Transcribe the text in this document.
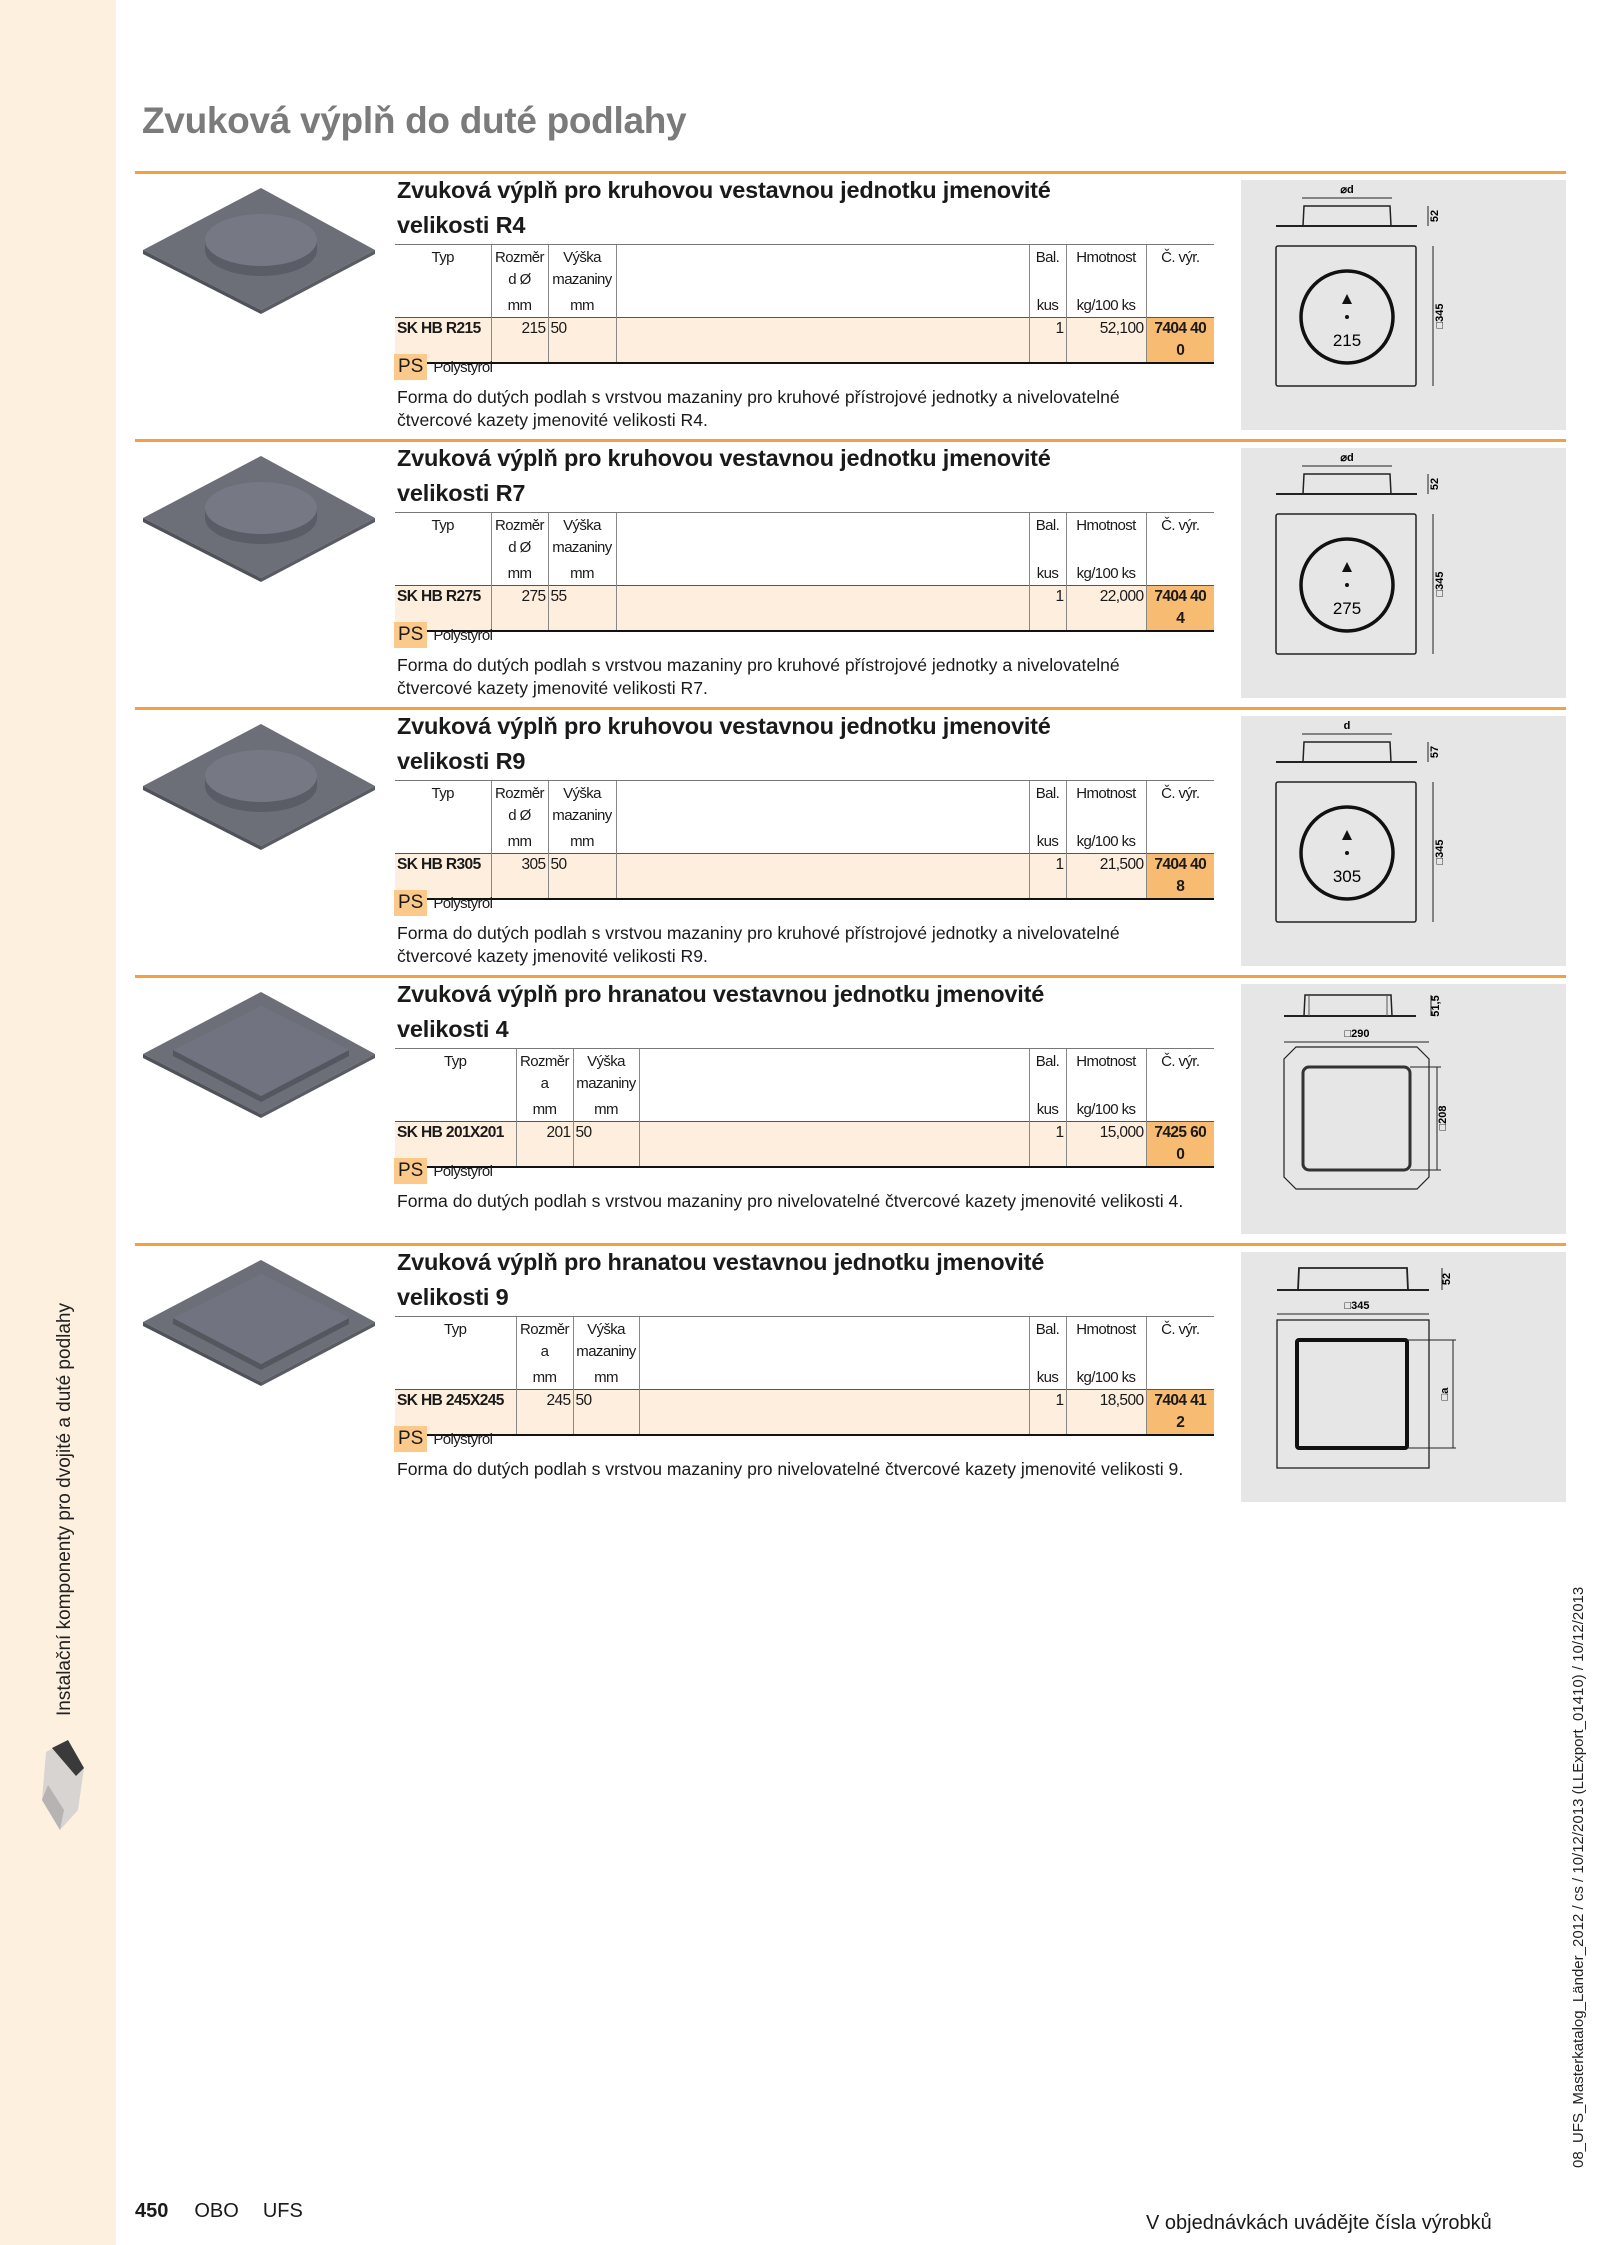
Instalační komponenty pro dvojité a duté podlahy
Zvuková výplň do duté podlahy
Zvuková výplň pro kruhovou vestavnou jednotku jmenovité
velikosti R4
Typ	Rozměr	Výška		Bal.	Hmotnost	Č. výr.
	d Ø	mazaniny				
	mm	mm		kus	kg/100 ks	
SK HB R215	215	50		1	52,100	7404 40 0
PS Polystyrol
Forma do dutých podlah s vrstvou mazaniny pro kruhové přístrojové jednotky a nivelovatelné čtvercové kazety jmenovité velikosti R4.
⌀d
52
□345
215
Zvuková výplň pro kruhovou vestavnou jednotku jmenovité
velikosti R7
Typ	Rozměr	Výška		Bal.	Hmotnost	Č. výr.
	d Ø	mazaniny				
	mm	mm		kus	kg/100 ks	
SK HB R275	275	55		1	22,000	7404 40 4
PS Polystyrol
Forma do dutých podlah s vrstvou mazaniny pro kruhové přístrojové jednotky a nivelovatelné čtvercové kazety jmenovité velikosti R7.
⌀d
52
□345
275
Zvuková výplň pro kruhovou vestavnou jednotku jmenovité
velikosti R9
Typ	Rozměr	Výška		Bal.	Hmotnost	Č. výr.
	d Ø	mazaniny				
	mm	mm		kus	kg/100 ks	
SK HB R305	305	50		1	21,500	7404 40 8
PS Polystyrol
Forma do dutých podlah s vrstvou mazaniny pro kruhové přístrojové jednotky a nivelovatelné čtvercové kazety jmenovité velikosti R9.
d
57
□345
305
Zvuková výplň pro hranatou vestavnou jednotku jmenovité
velikosti 4
Typ	Rozměr	Výška		Bal.	Hmotnost	Č. výr.
	a	mazaniny				
	mm	mm		kus	kg/100 ks	
SK HB 201X201	201	50		1	15,000	7425 60 0
PS Polystyrol
Forma do dutých podlah s vrstvou mazaniny pro nivelovatelné čtvercové kazety jmenovité velikosti 4.
51,5
□290
□208
Zvuková výplň pro hranatou vestavnou jednotku jmenovité
velikosti 9
Typ	Rozměr	Výška		Bal.	Hmotnost	Č. výr.
	a	mazaniny				
	mm	mm		kus	kg/100 ks	
SK HB 245X245	245	50		1	18,500	7404 41 2
PS Polystyrol
Forma do dutých podlah s vrstvou mazaniny pro nivelovatelné čtvercové kazety jmenovité velikosti 9.
52
□345
□a
450 OBO UFS
V objednávkách uvádějte čísla výrobků
08_UFS_Masterkatalog_Länder_2012 / cs / 10/12/2013 (LLExport_01410) / 10/12/2013
